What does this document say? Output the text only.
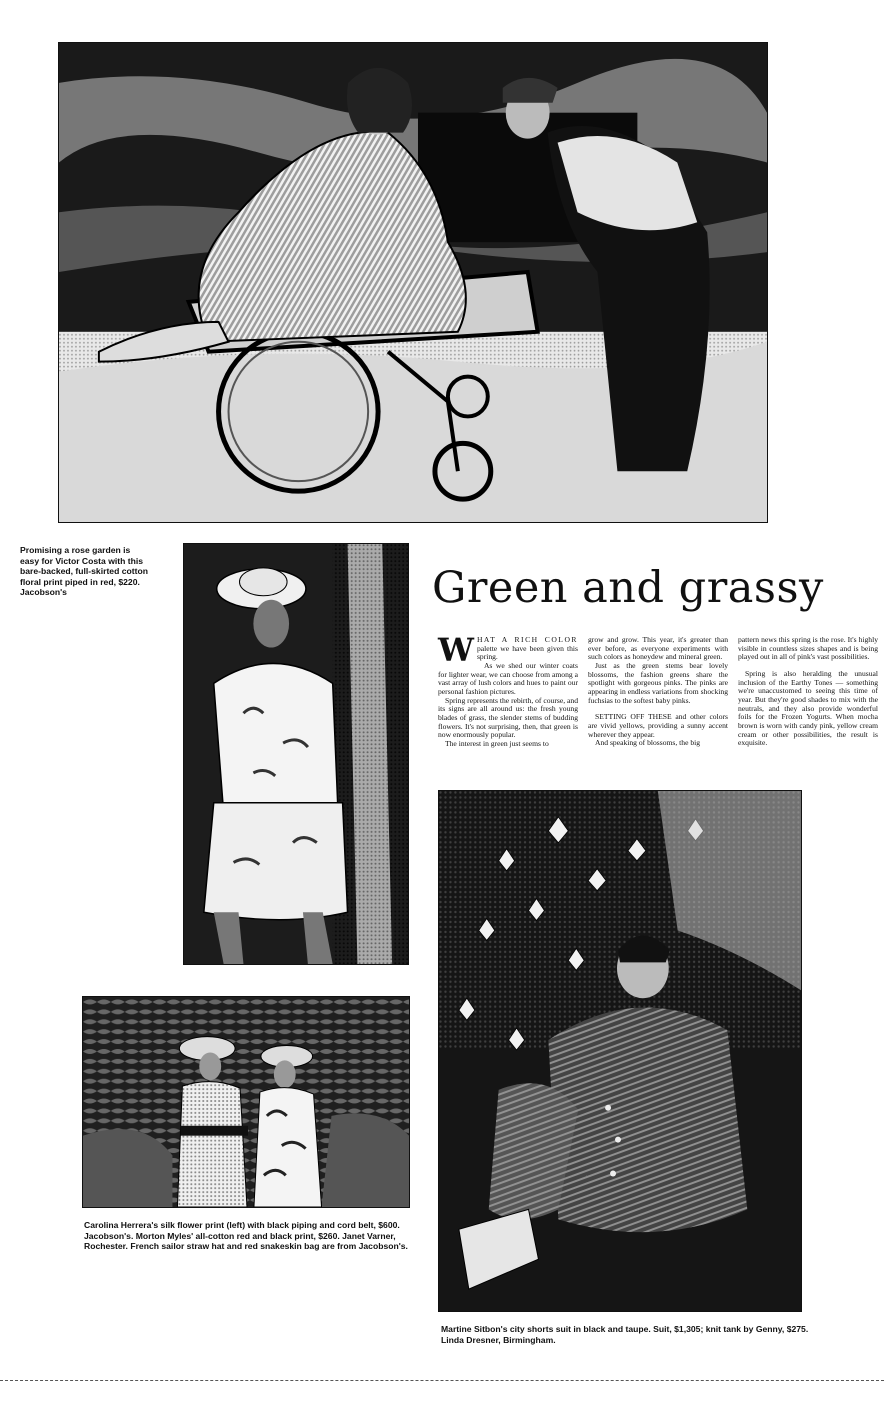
Promising a rose garden is easy for Victor Costa with this bare-backed, full-skirted cotton floral print piped in red, $220. Jacobson's	Green and grassy

WHAT A RICH COLOR palette we have been given this spring.

As we shed our winter coats for lighter wear, we can choose from among a vast array of lush colors and hues to paint our personal fashion pictures.

Spring represents the rebirth, of course, and its signs are all around us: the fresh young blades of grass, the slender stems of budding flowers. It's not surprising, then, that green is now enormously popular.

The interest in green just seems to

grow and grow. This year, it's greater than ever before, as everyone experiments with such colors as honeydew and mineral green.

Just as the green stems bear lovely blossoms, the fashion greens share the spotlight with gorgeous pinks. The pinks are appearing in endless variations from shocking fuchsias to the softest baby pinks.

SETTING OFF THESE and other colors are vivid yellows, providing a sunny accent wherever they appear.

And speaking of blossoms, the big

pattern news this spring is the rose. It's highly visible in countless sizes shapes and is being played out in all of pink's vast possibilities.

Spring is also heralding the unusual inclusion of the Earthy Tones — something we're unaccustomed to seeing this time of year. But they're good shades to mix with the neutrals, and they also provide wonderful foils for the Frozen Yogurts. When mocha brown is worn with candy pink, yellow cream cream or other possibilities, the result is exquisite.

Carolina Herrera's silk flower print (left) with black piping and cord belt, $600. Jacobson's. Morton Myles' all-cotton red and black print, $260. Janet Varner, Rochester. French sailor straw hat and red snakeskin bag are from Jacobson's.
Martine Sitbon's city shorts suit in black and taupe. Suit, $1,305; knit tank by Genny, $275. Linda Dresner, Birmingham.
